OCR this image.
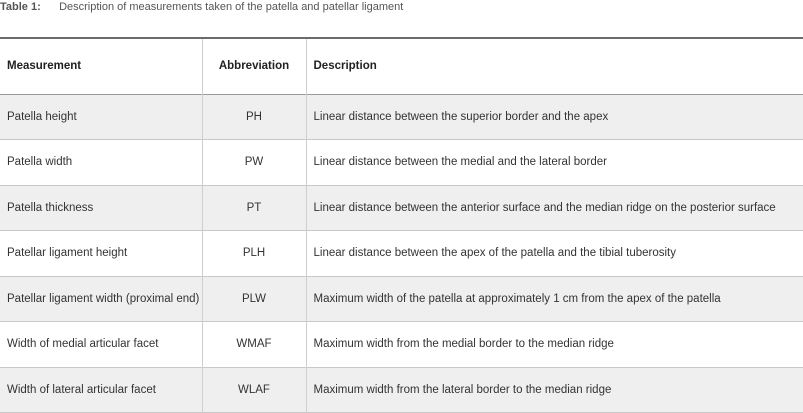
Table 1: Description of measurements taken of the patella and patellar ligament
Measurement	Abbreviation	Description
Patella height	PH	Linear distance between the superior border and the apex
Patella width	PW	Linear distance between the medial and the lateral border
Patella thickness	PT	Linear distance between the anterior surface and the median ridge on the posterior surface
Patellar ligament height	PLH	Linear distance between the apex of the patella and the tibial tuberosity
Patellar ligament width (proximal end)	PLW	Maximum width of the patella at approximately 1 cm from the apex of the patella
Width of medial articular facet	WMAF	Maximum width from the medial border to the median ridge
Width of lateral articular facet	WLAF	Maximum width from the lateral border to the median ridge
